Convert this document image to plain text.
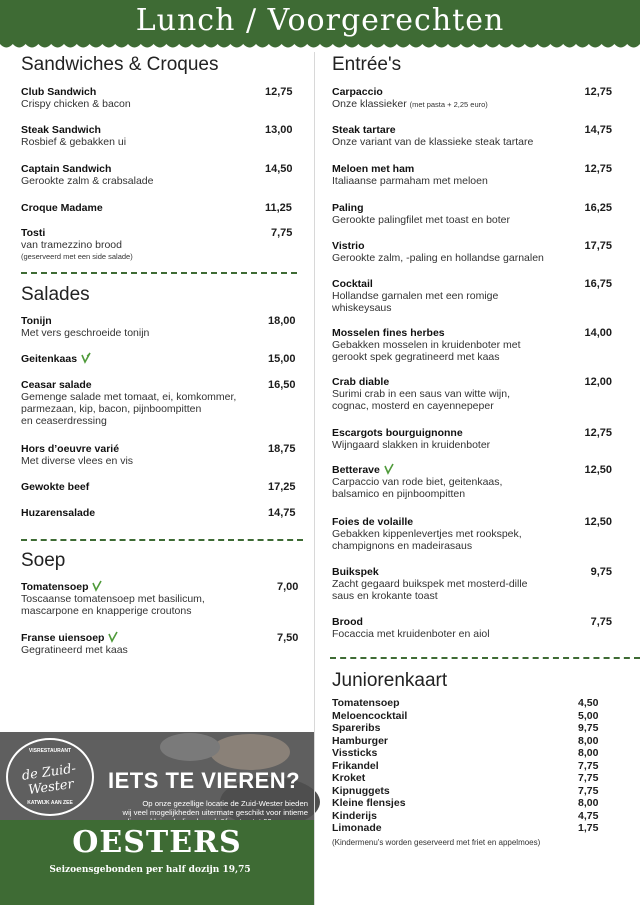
Lunch / Voorgerechten
Sandwiches & Croques
Club Sandwich	12,75
Crispy chicken & bacon
Steak Sandwich	13,00
Rosbief & gebakken ui
Captain Sandwich	14,50
Gerookte zalm & crabsalade
Croque Madame	11,25
Tosti	7,75
van tramezzino brood
(geserveerd met een side salade)
Salades
Tonijn	18,00
Met vers geschroeide tonijn
Geitenkaas	15,00
Ceasar salade	16,50
Gemenge salade met tomaat, ei, komkommer,
parmezaan, kip, bacon, pijnboompitten
en ceaserdressing
Hors d’oeuvre varié	18,75
Met diverse vlees en vis
Gewokte beef	17,25
Huzarensalade	14,75
Soep
Tomatensoep	7,00
Toscaanse tomatensoep met basilicum,
mascarpone en knapperige croutons
Franse uiensoep	7,50
Gegratineerd met kaas
VISRESTAURANT
de Zuid-Wester
KATWIJK AAN ZEE
IETS TE VIEREN?
Op onze gezellige locatie de Zuid-Wester bieden
wij veel mogelijkheden uitermate geschikt voor intieme
OESTERS
Seizoensgebonden per half dozijn 19,75
Entrée's
Carpaccio	12,75
Onze klassieker (met pasta + 2,25 euro)
Steak tartare	14,75
Onze variant van de klassieke steak tartare
Meloen met ham	12,75
Italiaanse parmaham met meloen
Paling	16,25
Gerookte palingfilet met toast en boter
Vistrio	17,75
Gerookte zalm, -paling en hollandse garnalen
Cocktail	16,75
Hollandse garnalen met een romige
whiskeysaus
Mosselen fines herbes	14,00
Gebakken mosselen in kruidenboter met
gerookt spek gegratineerd met kaas
Crab diable	12,00
Surimi crab in een saus van witte wijn,
cognac, mosterd en cayennepeper
Escargots bourguignonne	12,75
Wijngaard slakken in kruidenboter
Betterave	12,50
Carpaccio van rode biet, geitenkaas,
balsamico en pijnboompitten
Foies de volaille	12,50
Gebakken kippenlevertjes met rookspek,
champignons en madeirasaus
Buikspek	9,75
Zacht gegaard buikspek met mosterd-dille
saus en krokante toast
Brood	7,75
Focaccia met kruidenboter en aiol
Juniorenkaart
Tomatensoep	4,50
Meloencocktail	5,00
Spareribs	9,75
Hamburger	8,00
Vissticks	8,00
Frikandel	7,75
Kroket	7,75
Kipnuggets	7,75
Kleine flensjes	8,00
Kinderijs	4,75
Limonade	1,75
(Kindermenu's worden geserveerd met friet en appelmoes)
